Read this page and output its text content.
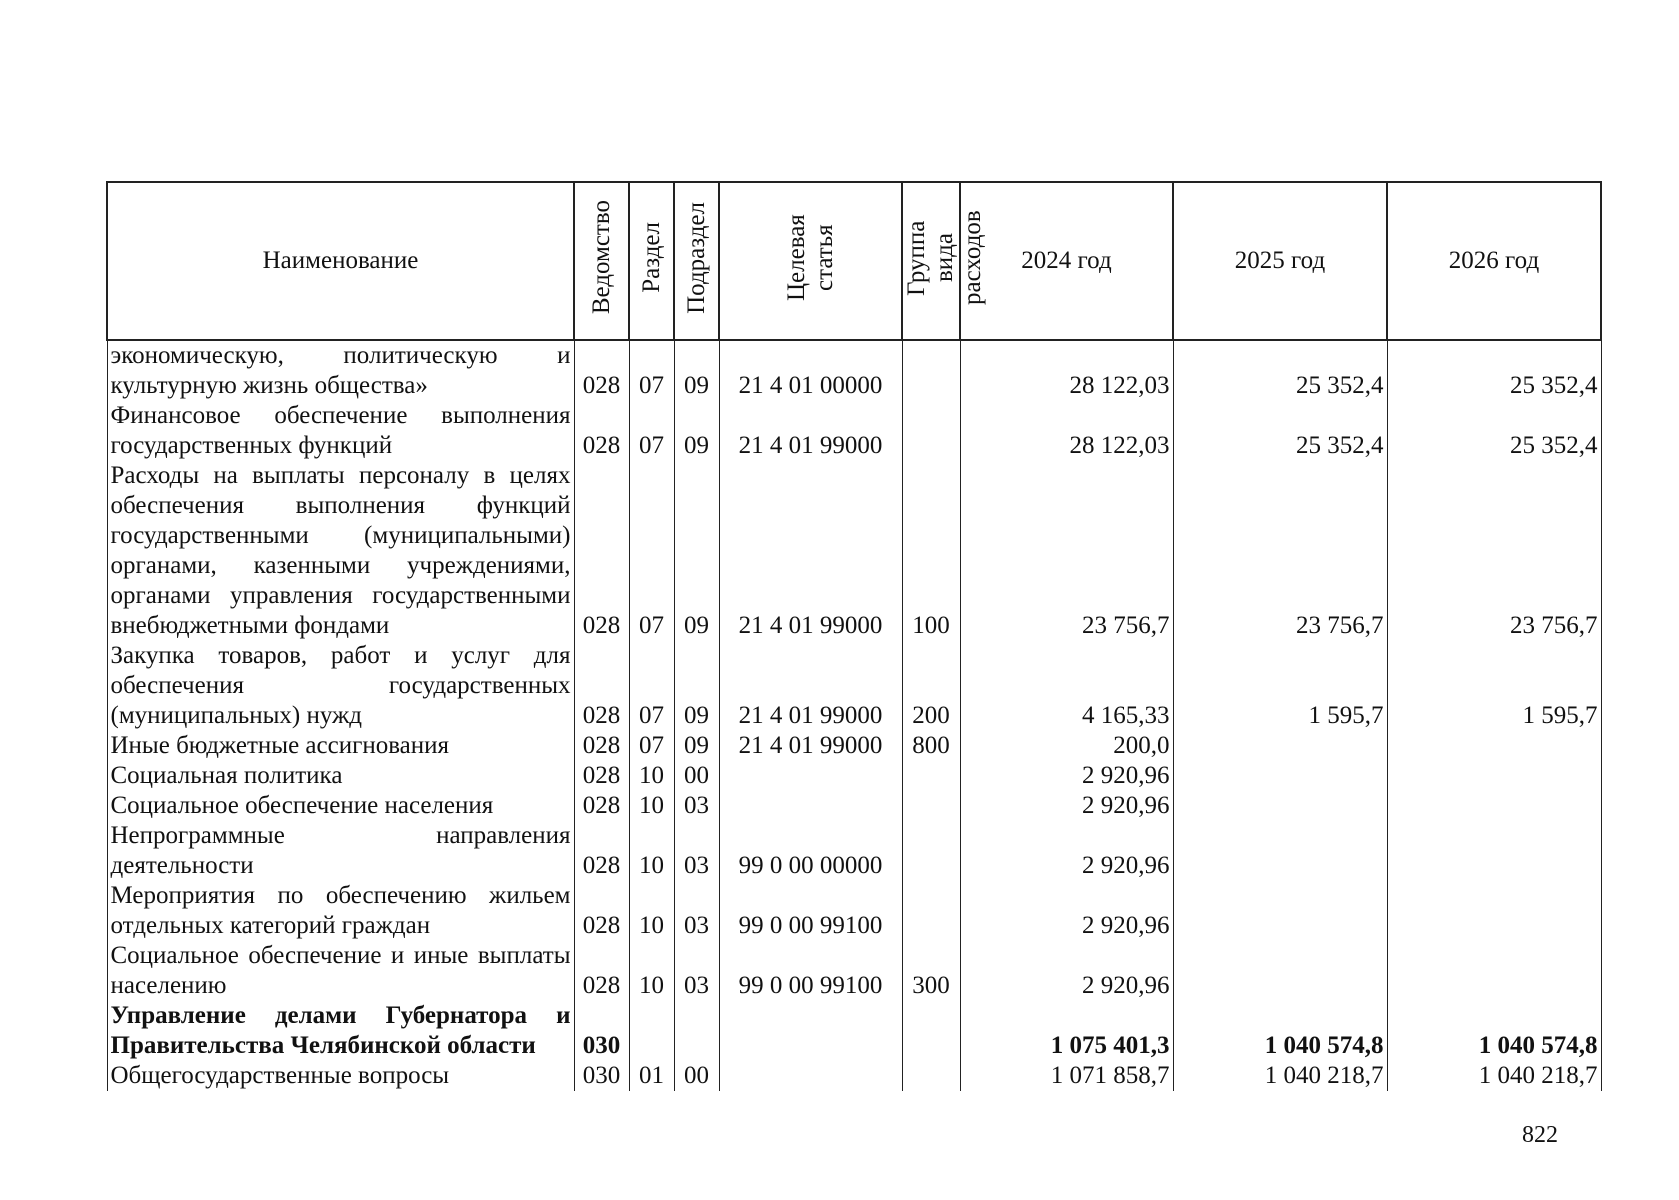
Наименование	Ведомство	Раздел	Подраздел	Целевая статья	Группа вида расходов	2024 год	2025 год	2026 год
экономическую, политическую и культурную жизнь общества»	028	07	09	21 4 01 00000		28 122,03	25 352,4	25 352,4
Финансовое обеспечение выполнения государственных функций	028	07	09	21 4 01 99000		28 122,03	25 352,4	25 352,4
Расходы на выплаты персоналу в целях обеспечения выполнения функций государственными (муниципальными) органами, казенными учреждениями, органами управления государственными внебюджетными фондами	028	07	09	21 4 01 99000	100	23 756,7	23 756,7	23 756,7
Закупка товаров, работ и услуг для обеспечения государственных (муниципальных) нужд	028	07	09	21 4 01 99000	200	4 165,33	1 595,7	1 595,7
Иные бюджетные ассигнования	028	07	09	21 4 01 99000	800	200,0		
Социальная политика	028	10	00			2 920,96		
Социальное обеспечение населения	028	10	03			2 920,96		
Непрограммные направления деятельности	028	10	03	99 0 00 00000		2 920,96		
Мероприятия по обеспечению жильем отдельных категорий граждан	028	10	03	99 0 00 99100		2 920,96		
Социальное обеспечение и иные выплаты населению	028	10	03	99 0 00 99100	300	2 920,96		
Управление делами Губернатора и Правительства Челябинской области	030					1 075 401,3	1 040 574,8	1 040 574,8
Общегосударственные вопросы	030	01	00			1 071 858,7	1 040 218,7	1 040 218,7
822
